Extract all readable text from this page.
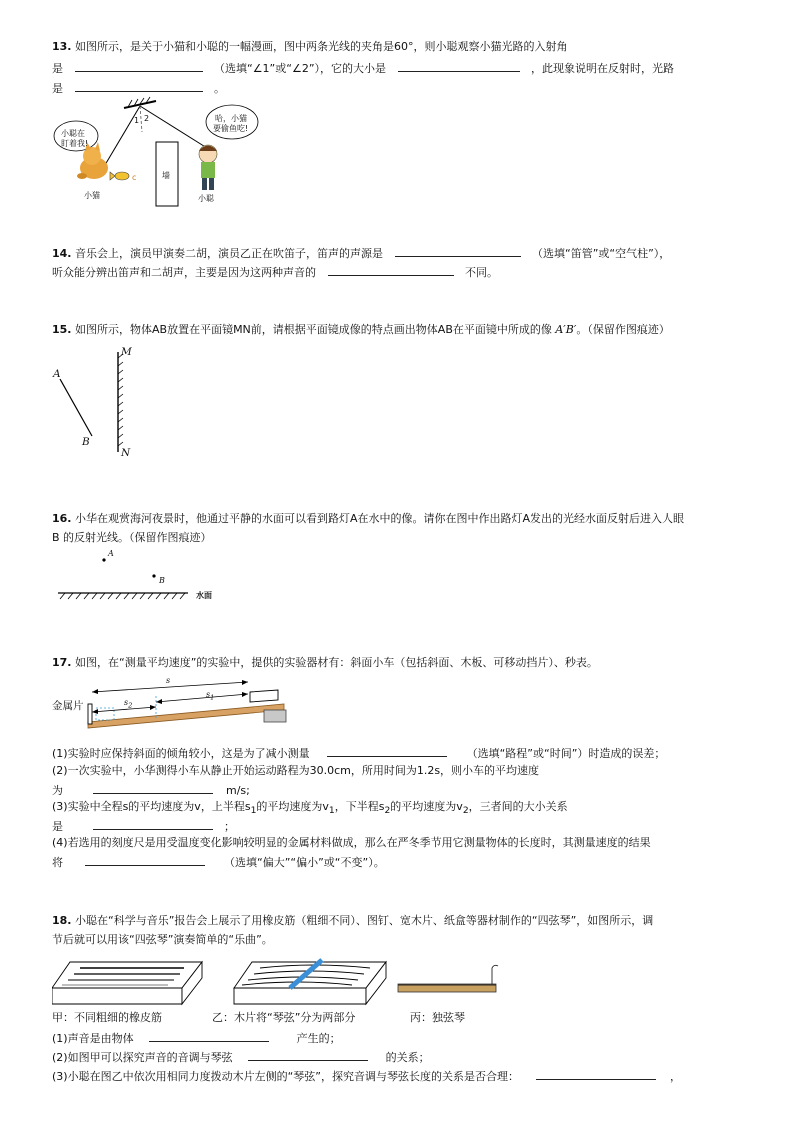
13. 如图所示，是关于小猫和小聪的一幅漫画，图中两条光线的夹角是60°，则小聪观察小猫光路的入射角
是	（选填“∠1”或“∠2”），它的大小是	，此现象说明在反射时，光路
是	。
c
小聪在
盯着我!
哈，小猫
要偷鱼吃!
1 2
墙
小猫	小聪
14. 音乐会上，演员甲演奏二胡，演员乙正在吹笛子，笛声的声源是	（选填“笛管”或“空气柱”），
听众能分辨出笛声和二胡声，主要是因为这两种声音的	不同。
15. 如图所示，物体AB放置在平面镜MN前，请根据平面镜成像的特点画出物体AB在平面镜中所成的像 A′B′。（保留作图痕迹）
A
B
M
N
16. 小华在观赏海河夜景时，他通过平静的水面可以看到路灯A在水中的像。请你在图中作出路灯A发出的光经水面反射后进入人眼
B 的反射光线。（保留作图痕迹）
A
B
水面
17. 如图，在“测量平均速度”的实验中，提供的实验器材有：斜面小车（包括斜面、木板、可移动挡片）、秒表。
金属片
s
$s_1$
$s_2$
(1)实验时应保持斜面的倾角较小，这是为了减小测量	（选填“路程”或“时间”）时造成的误差；
(2)一次实验中，小华测得小车从静止开始运动路程为30.0cm，所用时间为1.2s，则小车的平均速度
为	m/s;
(3)实验中全程s的平均速度为v，上半程$s_1$的平均速度为$v_1$，下半程$s_2$的平均速度为$v_2$，三者间的大小关系
是	；
(4)若选用的刻度尺是用受温度变化影响较明显的金属材料做成，那么在严冬季节用它测量物体的长度时，其测量速度的结果
将	（选填“偏大”“偏小”或“不变”）。
18. 小聪在“科学与音乐”报告会上展示了用橡皮筋（粗细不同）、图钉、宽木片、纸盒等器材制作的“四弦琴”，如图所示，调
节后就可以用该“四弦琴”演奏简单的“乐曲”。
甲：不同粗细的橡皮筋	乙：木片将“琴弦”分为两部分	丙：独弦琴
(1)声音是由物体	产生的；
(2)如图甲可以探究声音的音调与琴弦	的关系；
(3)小聪在图乙中依次用相同力度拨动木片左侧的“琴弦”，探究音调与琴弦长度的关系是否合理：	，
